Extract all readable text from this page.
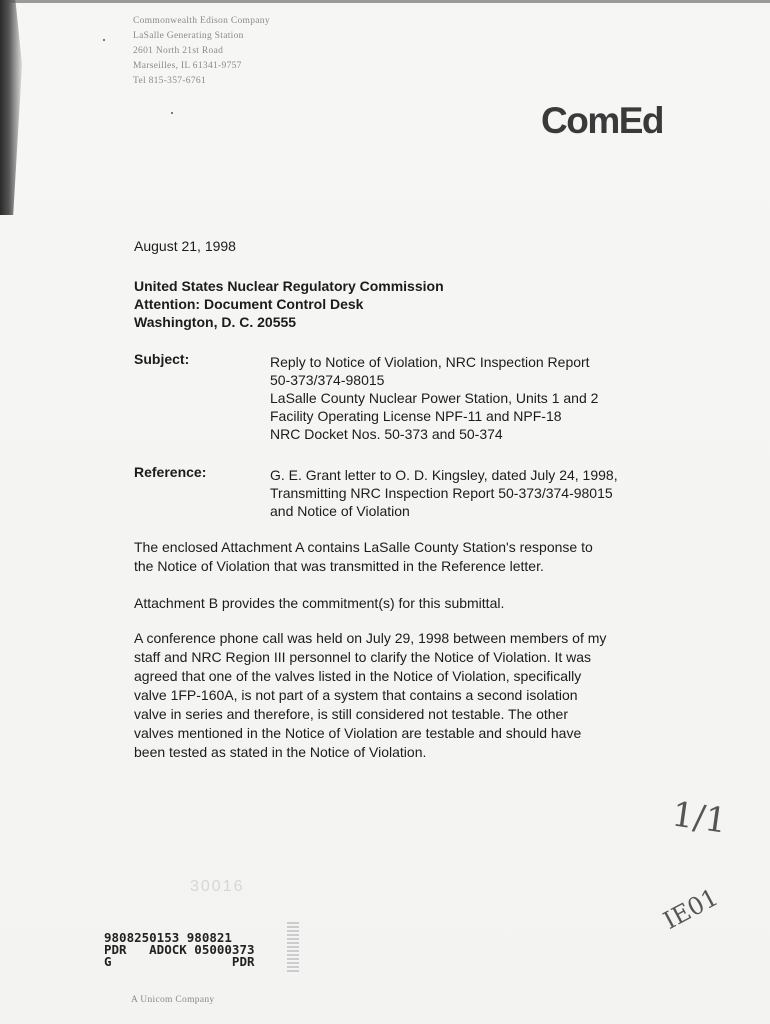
Commonwealth Edison Company
LaSalle Generating Station
2601 North 21st Road
Marseilles, IL 61341-9757
Tel 815-357-6761
ComEd
August 21, 1998
United States Nuclear Regulatory Commission
Attention: Document Control Desk
Washington, D. C. 20555
Subject:	Reply to Notice of Violation, NRC Inspection Report
50-373/374-98015
LaSalle County Nuclear Power Station, Units 1 and 2
Facility Operating License NPF-11 and NPF-18
NRC Docket Nos. 50-373 and 50-374
Reference:	G. E. Grant letter to O. D. Kingsley, dated July 24, 1998,
Transmitting NRC Inspection Report 50-373/374-98015
and Notice of Violation
The enclosed Attachment A contains LaSalle County Station's response to
the Notice of Violation that was transmitted in the Reference letter.
Attachment B provides the commitment(s) for this submittal.
A conference phone call was held on July 29, 1998 between members of my
staff and NRC Region III personnel to clarify the Notice of Violation. It was
agreed that one of the valves listed in the Notice of Violation, specifically
valve 1FP-160A, is not part of a system that contains a second isolation
valve in series and therefore, is still considered not testable. The other
valves mentioned in the Notice of Violation are testable and should have
been tested as stated in the Notice of Violation.
1/1
IE01
30016
9808250153 980821
PDR   ADOCK 05000373
G                PDR
A Unicom Company
